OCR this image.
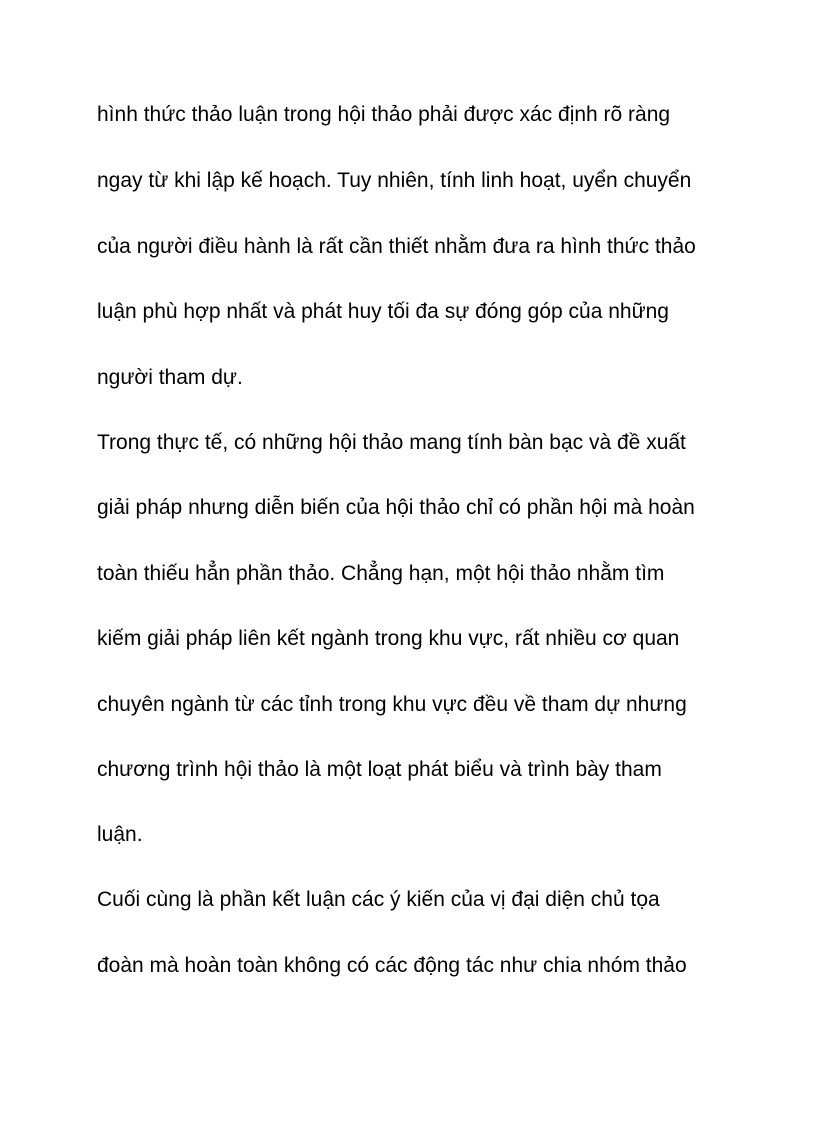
hình thức thảo luận trong hội thảo phải được xác định rõ ràng
ngay từ khi lập kế hoạch. Tuy nhiên, tính linh hoạt, uyển chuyển
của người điều hành là rất cần thiết nhằm đưa ra hình thức thảo
luận phù hợp nhất và phát huy tối đa sự đóng góp của những
người tham dự.
Trong thực tế, có những hội thảo mang tính bàn bạc và đề xuất
giải pháp nhưng diễn biến của hội thảo chỉ có phần hội mà hoàn
toàn thiếu hẳn phần thảo. Chẳng hạn, một hội thảo nhằm tìm
kiếm giải pháp liên kết ngành trong khu vực, rất nhiều cơ quan
chuyên ngành từ các tỉnh trong khu vực đều về tham dự nhưng
chương trình hội thảo là một loạt phát biểu và trình bày tham
luận.
Cuối cùng là phần kết luận các ý kiến của vị đại diện chủ tọa
đoàn mà hoàn toàn không có các động tác như chia nhóm thảo
